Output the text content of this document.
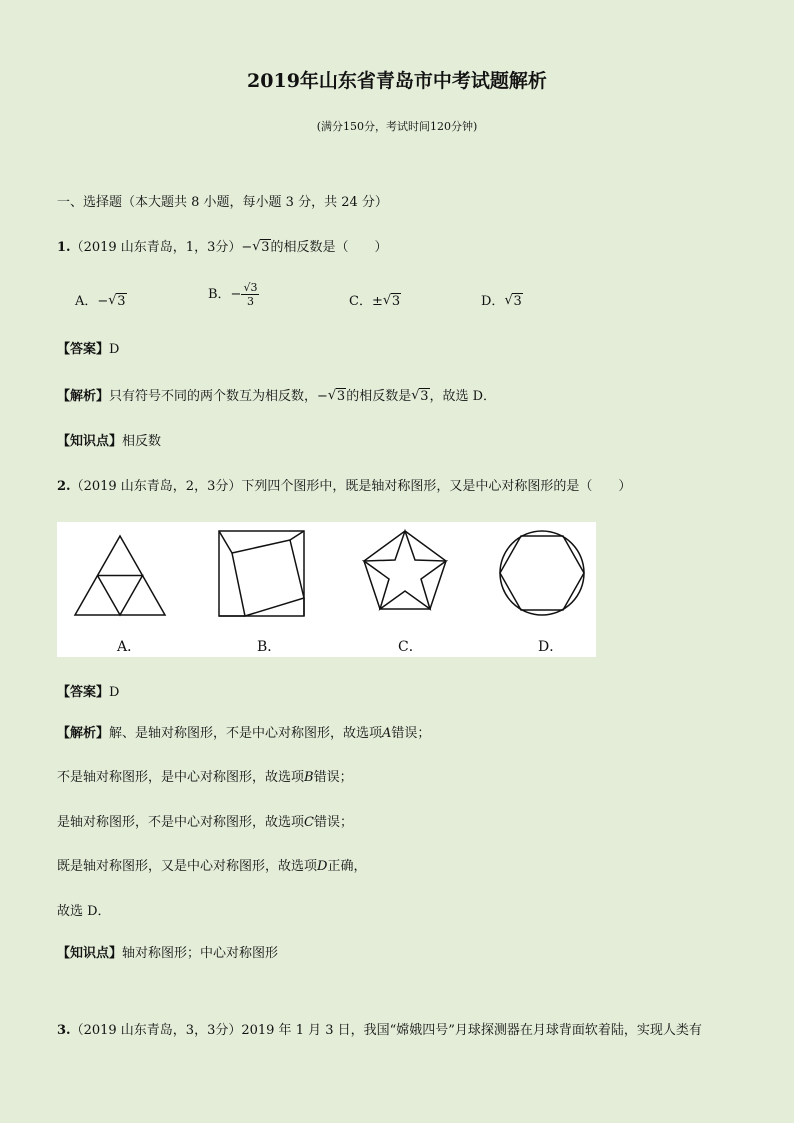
2019年山东省青岛市中考试题解析
(满分150分，考试时间120分钟)
一、选择题（本大题共 8 小题，每小题 3 分，共 24 分）
1.（2019 山东青岛，1，3分）− √ 3的相反数是（　　）
A．− √ 3	B．− $\frac{√3}{3}$	C．± √ 3	D． √ 3
【答案】D
【解析】只有符号不同的两个数互为相反数，− √ 3的相反数是 √ 3，故选 D．
【知识点】相反数
2.（2019 山东青岛，2，3分）下列四个图形中，既是轴对称图形，又是中心对称图形的是（　　）
A．	B．	C．	D．
【答案】D
【解析】解、是轴对称图形，不是中心对称图形，故选项A错误；
不是轴对称图形，是中心对称图形，故选项B错误；
是轴对称图形，不是中心对称图形，故选项C错误；
既是轴对称图形，又是中心对称图形，故选项D正确，
故选 D．
【知识点】轴对称图形；中心对称图形
3.（2019 山东青岛，3，3分）2019 年 1 月 3 日，我国“嫦娥四号”月球探测器在月球背面软着陆，实现人类有
